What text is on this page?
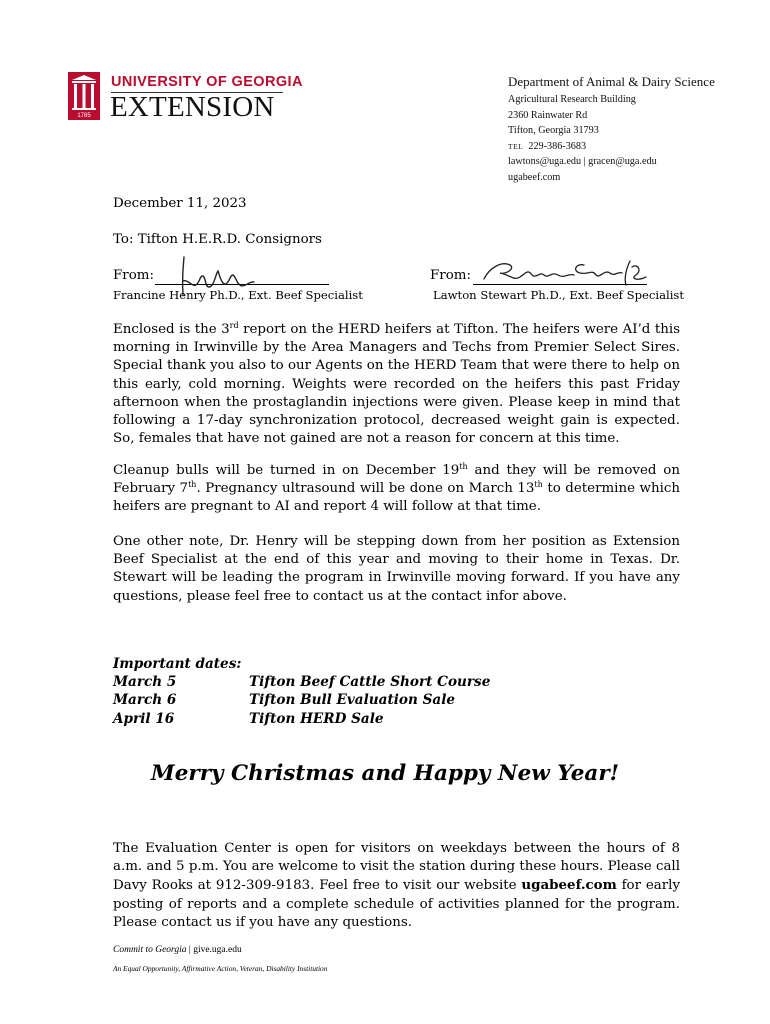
1785
UNIVERSITY OF GEORGIA
EXTENSION
Department of Animal & Dairy Science
Agricultural Research Building
2360 Rainwater Rd
Tifton, Georgia 31793
TEL 229-386-3683
lawtons@uga.edu | gracen@uga.edu
ugabeef.com
December 11, 2023
To: Tifton H.E.R.D. Consignors
From:	From:
Francine Henry Ph.D., Ext. Beef Specialist	Lawton Stewart Ph.D., Ext. Beef Specialist

Enclosed is the 3rd report on the HERD heifers at Tifton. The heifers were AI’d this morning in Irwinville by the Area Managers and Techs from Premier Select Sires. Special thank you also to our Agents on the HERD Team that were there to help on this early, cold morning. Weights were recorded on the heifers this past Friday afternoon when the prostaglandin injections were given. Please keep in mind that following a 17-day synchronization protocol, decreased weight gain is expected. So, females that have not gained are not a reason for concern at this time.

Cleanup bulls will be turned in on December 19th and they will be removed on February 7th. Pregnancy ultrasound will be done on March 13th to determine which heifers are pregnant to AI and report 4 will follow at that time.

One other note, Dr. Henry will be stepping down from her position as Extension Beef Specialist at the end of this year and moving to their home in Texas. Dr. Stewart will be leading the program in Irwinville moving forward. If you have any questions, please feel free to contact us at the contact infor above.

Important dates:
March 5	Tifton Beef Cattle Short Course
March 6	Tifton Bull Evaluation Sale
April 16	Tifton HERD Sale
Merry Christmas and Happy New Year!

The Evaluation Center is open for visitors on weekdays between the hours of 8 a.m. and 5 p.m. You are welcome to visit the station during these hours. Please call Davy Rooks at 912-309-9183. Feel free to visit our website ugabeef.com for early posting of reports and a complete schedule of activities planned for the program. Please contact us if you have any questions.

Commit to Georgia | give.uga.edu
An Equal Opportunity, Affirmative Action, Veteran, Disability Institution
